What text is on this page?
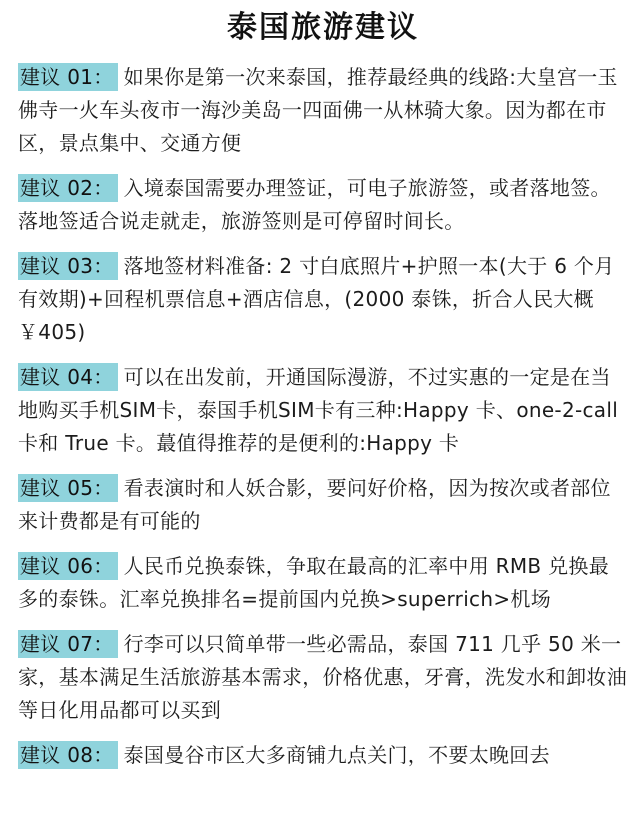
泰国旅游建议
建议 01： 如果你是第一次来泰国，推荐最经典的线路:大皇宫一玉佛寺一火车头夜市一海沙美岛一四面佛一从林骑大象。因为都在市区，景点集中、交通方便
建议 02： 入境泰国需要办理签证，可电子旅游签，或者落地签。落地签适合说走就走，旅游签则是可停留时间长。
建议 03： 落地签材料准备: 2 寸白底照片+护照一本(大于 6 个月有效期)+回程机票信息+酒店信息，(2000 泰铢，折合人民大概￥405)
建议 04： 可以在出发前，开通国际漫游，不过实惠的一定是在当地购买手机SIM卡，泰国手机SIM卡有三种:Happy 卡、one-2-call 卡和 True 卡。蕞值得推荐的是便利的:Happy 卡
建议 05： 看表演时和人妖合影，要问好价格，因为按次或者部位来计费都是有可能的
建议 06： 人民币兑换泰铢，争取在最高的汇率中用 RMB 兑换最多的泰铢。汇率兑换排名=提前国内兑换>superrich>机场
建议 07： 行李可以只简单带一些必需品，泰国 711 几乎 50 米一家，基本满足生活旅游基本需求，价格优惠，牙膏，洗发水和卸妆油等日化用品都可以买到
建议 08： 泰国曼谷市区大多商铺九点关门，不要太晚回去
